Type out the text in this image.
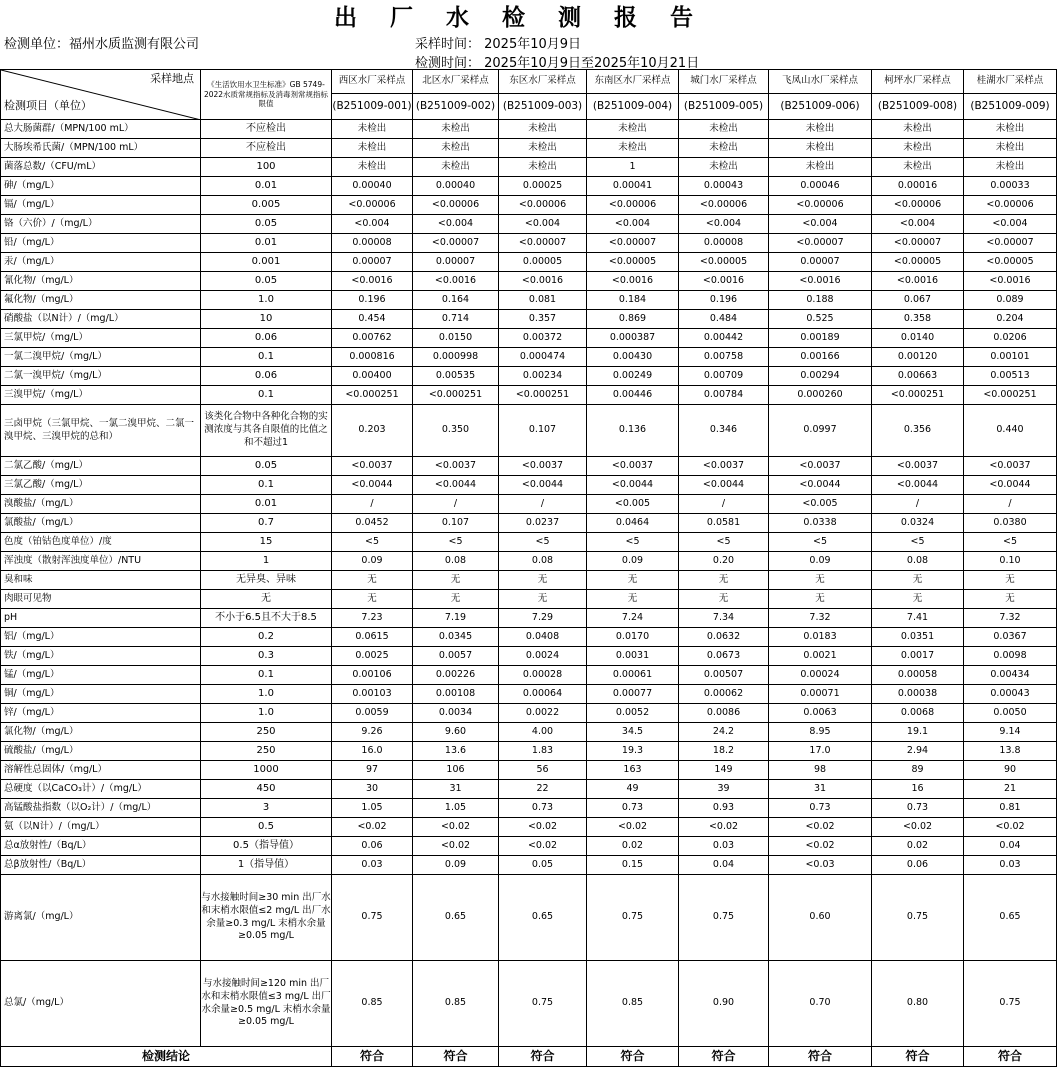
出厂水检测报告
检测单位：福州水质监测有限公司	采样时间： 2025年10月9日
检测时间： 2025年10月9日至2025年10月21日
采样地点
检测项目（单位）	《生活饮用水卫生标准》GB 5749-2022水质常规指标及消毒剂常规指标限值	西区水厂采样点	北区水厂采样点	东区水厂采样点	东南区水厂采样点	城门水厂采样点	飞凤山水厂采样点	柯坪水厂采样点	桂湖水厂采样点
		(B251009-001)	(B251009-002)	(B251009-003)	(B251009-004)	(B251009-005)	(B251009-006)	(B251009-008)	(B251009-009)
总大肠菌群/（MPN/100 mL）	不应检出	未检出	未检出	未检出	未检出	未检出	未检出	未检出	未检出
大肠埃希氏菌/（MPN/100 mL）	不应检出	未检出	未检出	未检出	未检出	未检出	未检出	未检出	未检出
菌落总数/（CFU/mL）	100	未检出	未检出	未检出	1	未检出	未检出	未检出	未检出
砷/（mg/L）	0.01	0.00040	0.00040	0.00025	0.00041	0.00043	0.00046	0.00016	0.00033
镉/（mg/L）	0.005	<0.00006	<0.00006	<0.00006	<0.00006	<0.00006	<0.00006	<0.00006	<0.00006
铬（六价）/（mg/L）	0.05	<0.004	<0.004	<0.004	<0.004	<0.004	<0.004	<0.004	<0.004
铅/（mg/L）	0.01	0.00008	<0.00007	<0.00007	<0.00007	0.00008	<0.00007	<0.00007	<0.00007
汞/（mg/L）	0.001	0.00007	0.00007	0.00005	<0.00005	<0.00005	0.00007	<0.00005	<0.00005
氰化物/（mg/L）	0.05	<0.0016	<0.0016	<0.0016	<0.0016	<0.0016	<0.0016	<0.0016	<0.0016
氟化物/（mg/L）	1.0	0.196	0.164	0.081	0.184	0.196	0.188	0.067	0.089
硝酸盐（以N计）/（mg/L）	10	0.454	0.714	0.357	0.869	0.484	0.525	0.358	0.204
三氯甲烷/（mg/L）	0.06	0.00762	0.0150	0.00372	0.000387	0.00442	0.00189	0.0140	0.0206
一氯二溴甲烷/（mg/L）	0.1	0.000816	0.000998	0.000474	0.00430	0.00758	0.00166	0.00120	0.00101
二氯一溴甲烷/（mg/L）	0.06	0.00400	0.00535	0.00234	0.00249	0.00709	0.00294	0.00663	0.00513
三溴甲烷/（mg/L）	0.1	<0.000251	<0.000251	<0.000251	0.00446	0.00784	0.000260	<0.000251	<0.000251
三卤甲烷（三氯甲烷、一氯二溴甲烷、二氯一溴甲烷、三溴甲烷的总和）	该类化合物中各种化合物的实测浓度与其各自限值的比值之和不超过1	0.203	0.350	0.107	0.136	0.346	0.0997	0.356	0.440
二氯乙酸/（mg/L）	0.05	<0.0037	<0.0037	<0.0037	<0.0037	<0.0037	<0.0037	<0.0037	<0.0037
三氯乙酸/（mg/L）	0.1	<0.0044	<0.0044	<0.0044	<0.0044	<0.0044	<0.0044	<0.0044	<0.0044
溴酸盐/（mg/L）	0.01	/	/	/	<0.005	/	<0.005	/	/
氯酸盐/（mg/L）	0.7	0.0452	0.107	0.0237	0.0464	0.0581	0.0338	0.0324	0.0380
色度（铂钴色度单位）/度	15	<5	<5	<5	<5	<5	<5	<5	<5
浑浊度（散射浑浊度单位）/NTU	1	0.09	0.08	0.08	0.09	0.20	0.09	0.08	0.10
臭和味	无异臭、异味	无	无	无	无	无	无	无	无
肉眼可见物	无	无	无	无	无	无	无	无	无
pH	不小于6.5且不大于8.5	7.23	7.19	7.29	7.24	7.34	7.32	7.41	7.32
铝/（mg/L）	0.2	0.0615	0.0345	0.0408	0.0170	0.0632	0.0183	0.0351	0.0367
铁/（mg/L）	0.3	0.0025	0.0057	0.0024	0.0031	0.0673	0.0021	0.0017	0.0098
锰/（mg/L）	0.1	0.00106	0.00226	0.00028	0.00061	0.00507	0.00024	0.00058	0.00434
铜/（mg/L）	1.0	0.00103	0.00108	0.00064	0.00077	0.00062	0.00071	0.00038	0.00043
锌/（mg/L）	1.0	0.0059	0.0034	0.0022	0.0052	0.0086	0.0063	0.0068	0.0050
氯化物/（mg/L）	250	9.26	9.60	4.00	34.5	24.2	8.95	19.1	9.14
硫酸盐/（mg/L）	250	16.0	13.6	1.83	19.3	18.2	17.0	2.94	13.8
溶解性总固体/（mg/L）	1000	97	106	56	163	149	98	89	90
总硬度（以CaCO₃计）/（mg/L）	450	30	31	22	49	39	31	16	21
高锰酸盐指数（以O₂计）/（mg/L）	3	1.05	1.05	0.73	0.73	0.93	0.73	0.73	0.81
氨（以N计）/（mg/L）	0.5	<0.02	<0.02	<0.02	<0.02	<0.02	<0.02	<0.02	<0.02
总α放射性/（Bq/L）	0.5（指导值）	0.06	<0.02	<0.02	0.02	0.03	<0.02	0.02	0.04
总β放射性/（Bq/L）	1（指导值）	0.03	0.09	0.05	0.15	0.04	<0.03	0.06	0.03
游离氯/（mg/L）	与水接触时间≥30 min 出厂水和末梢水限值≤2 mg/L 出厂水余量≥0.3 mg/L 末梢水余量≥0.05 mg/L	0.75	0.65	0.65	0.75	0.75	0.60	0.75	0.65
总氯/（mg/L）	与水接触时间≥120 min 出厂水和末梢水限值≤3 mg/L 出厂水余量≥0.5 mg/L 末梢水余量≥0.05 mg/L	0.85	0.85	0.75	0.85	0.90	0.70	0.80	0.75
检测结论		符合	符合	符合	符合	符合	符合	符合	符合
